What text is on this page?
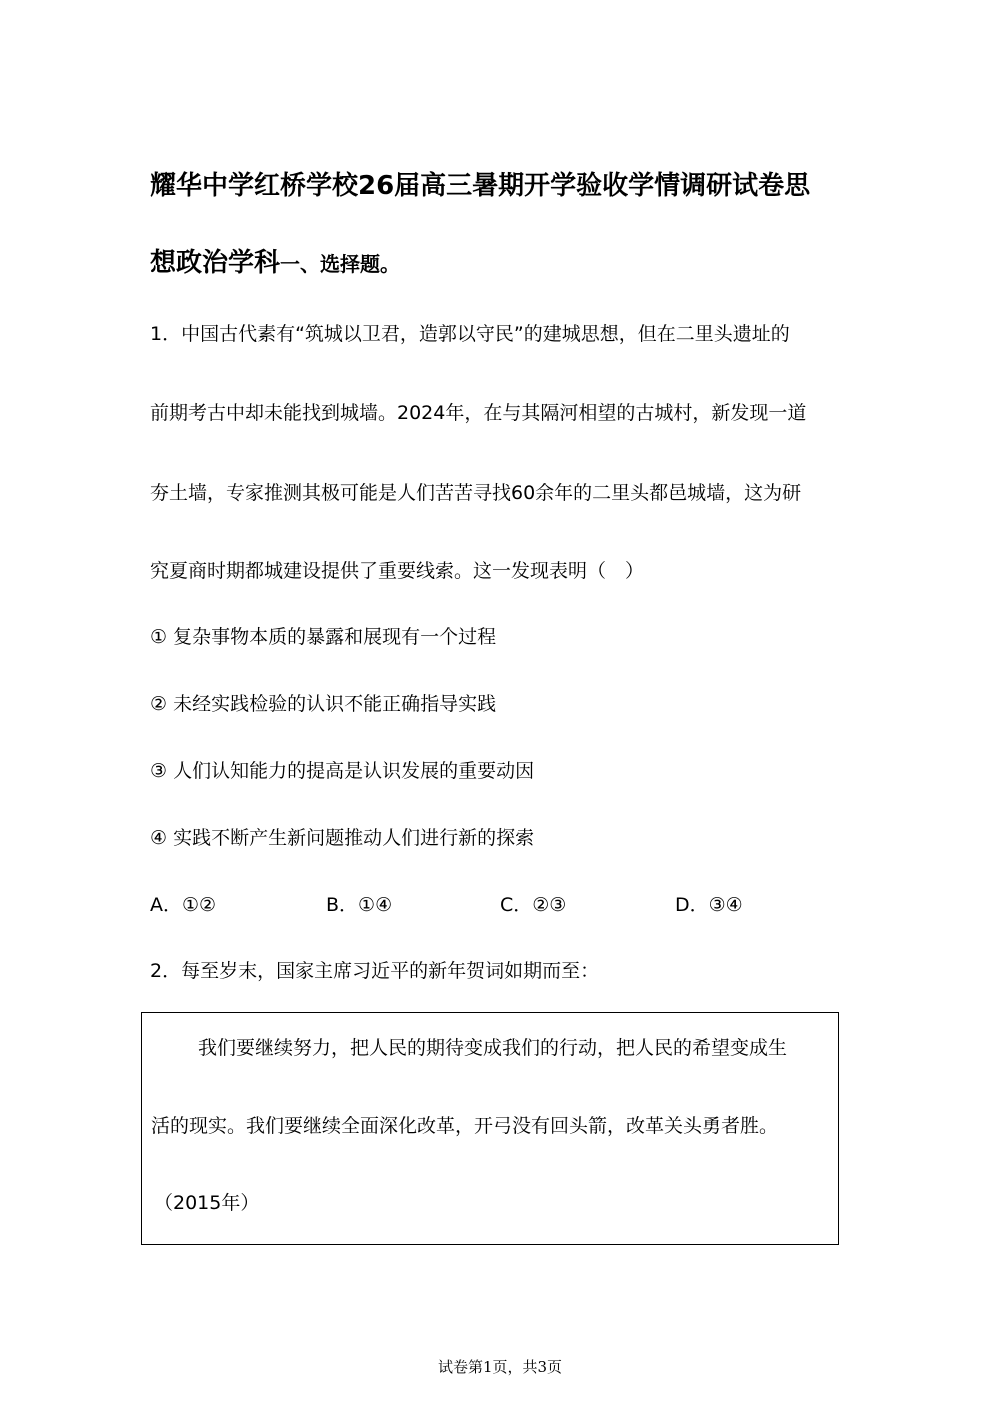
耀华中学红桥学校26届高三暑期开学验收学情调研试卷思
想政治学科一、选择题。
1．中国古代素有“筑城以卫君，造郭以守民”的建城思想，但在二里头遗址的
前期考古中却未能找到城墙。2024年，在与其隔河相望的古城村，新发现一道
夯土墙，专家推测其极可能是人们苦苦寻找60余年的二里头都邑城墙，这为研
究夏商时期都城建设提供了重要线索。这一发现表明（　）
① 复杂事物本质的暴露和展现有一个过程
② 未经实践检验的认识不能正确指导实践
③ 人们认知能力的提高是认识发展的重要动因
④ 实践不断产生新问题推动人们进行新的探索
A．①②	B．①④	C．②③	D．③④
2．每至岁末，国家主席习近平的新年贺词如期而至：
我们要继续努力，把人民的期待变成我们的行动，把人民的希望变成生
活的现实。我们要继续全面深化改革，开弓没有回头箭，改革关头勇者胜。
（2015年）
试卷第1页，共3页
